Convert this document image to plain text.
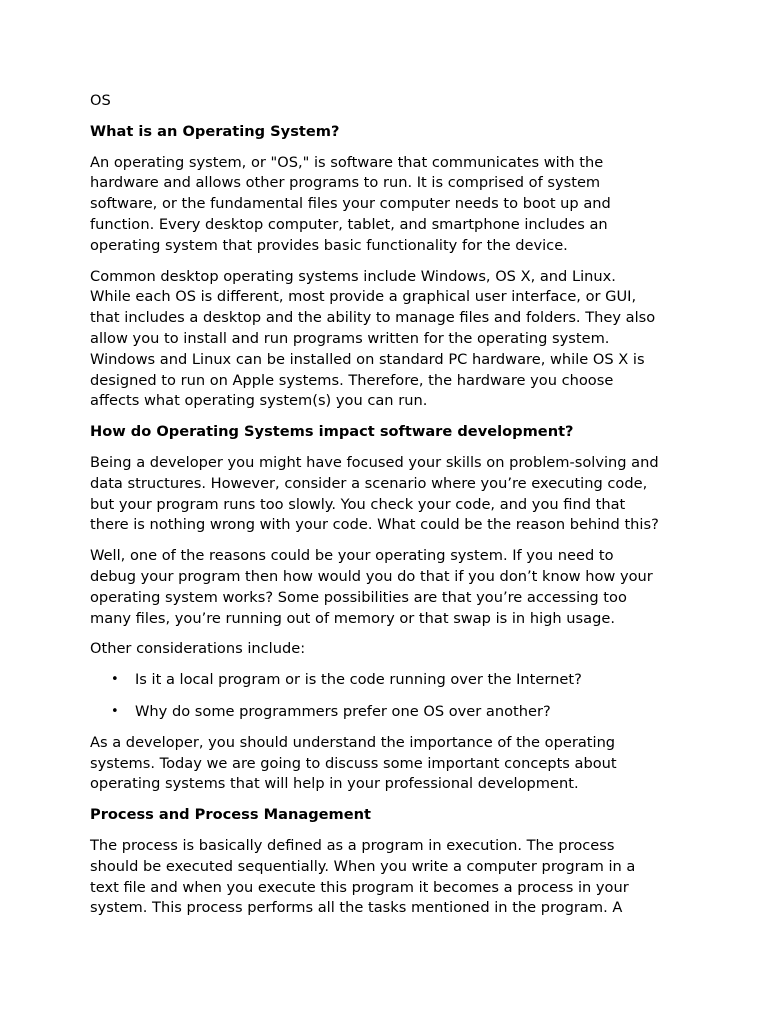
OS
What is an Operating System?
An operating system, or "OS," is software that communicates with the
hardware and allows other programs to run. It is comprised of system
software, or the fundamental files your computer needs to boot up and
function. Every desktop computer, tablet, and smartphone includes an
operating system that provides basic functionality for the device.
Common desktop operating systems include Windows, OS X, and Linux.
While each OS is different, most provide a graphical user interface, or GUI,
that includes a desktop and the ability to manage files and folders. They also
allow you to install and run programs written for the operating system.
Windows and Linux can be installed on standard PC hardware, while OS X is
designed to run on Apple systems. Therefore, the hardware you choose
affects what operating system(s) you can run.
How do Operating Systems impact software development?
Being a developer you might have focused your skills on problem-solving and
data structures. However, consider a scenario where you’re executing code,
but your program runs too slowly. You check your code, and you find that
there is nothing wrong with your code. What could be the reason behind this?
Well, one of the reasons could be your operating system. If you need to
debug your program then how would you do that if you don’t know how your
operating system works? Some possibilities are that you’re accessing too
many files, you’re running out of memory or that swap is in high usage.
Other considerations include:
• Is it a local program or is the code running over the Internet?
• Why do some programmers prefer one OS over another?
As a developer, you should understand the importance of the operating
systems. Today we are going to discuss some important concepts about
operating systems that will help in your professional development.
Process and Process Management
The process is basically defined as a program in execution. The process
should be executed sequentially. When you write a computer program in a
text file and when you execute this program it becomes a process in your
system. This process performs all the tasks mentioned in the program. A
